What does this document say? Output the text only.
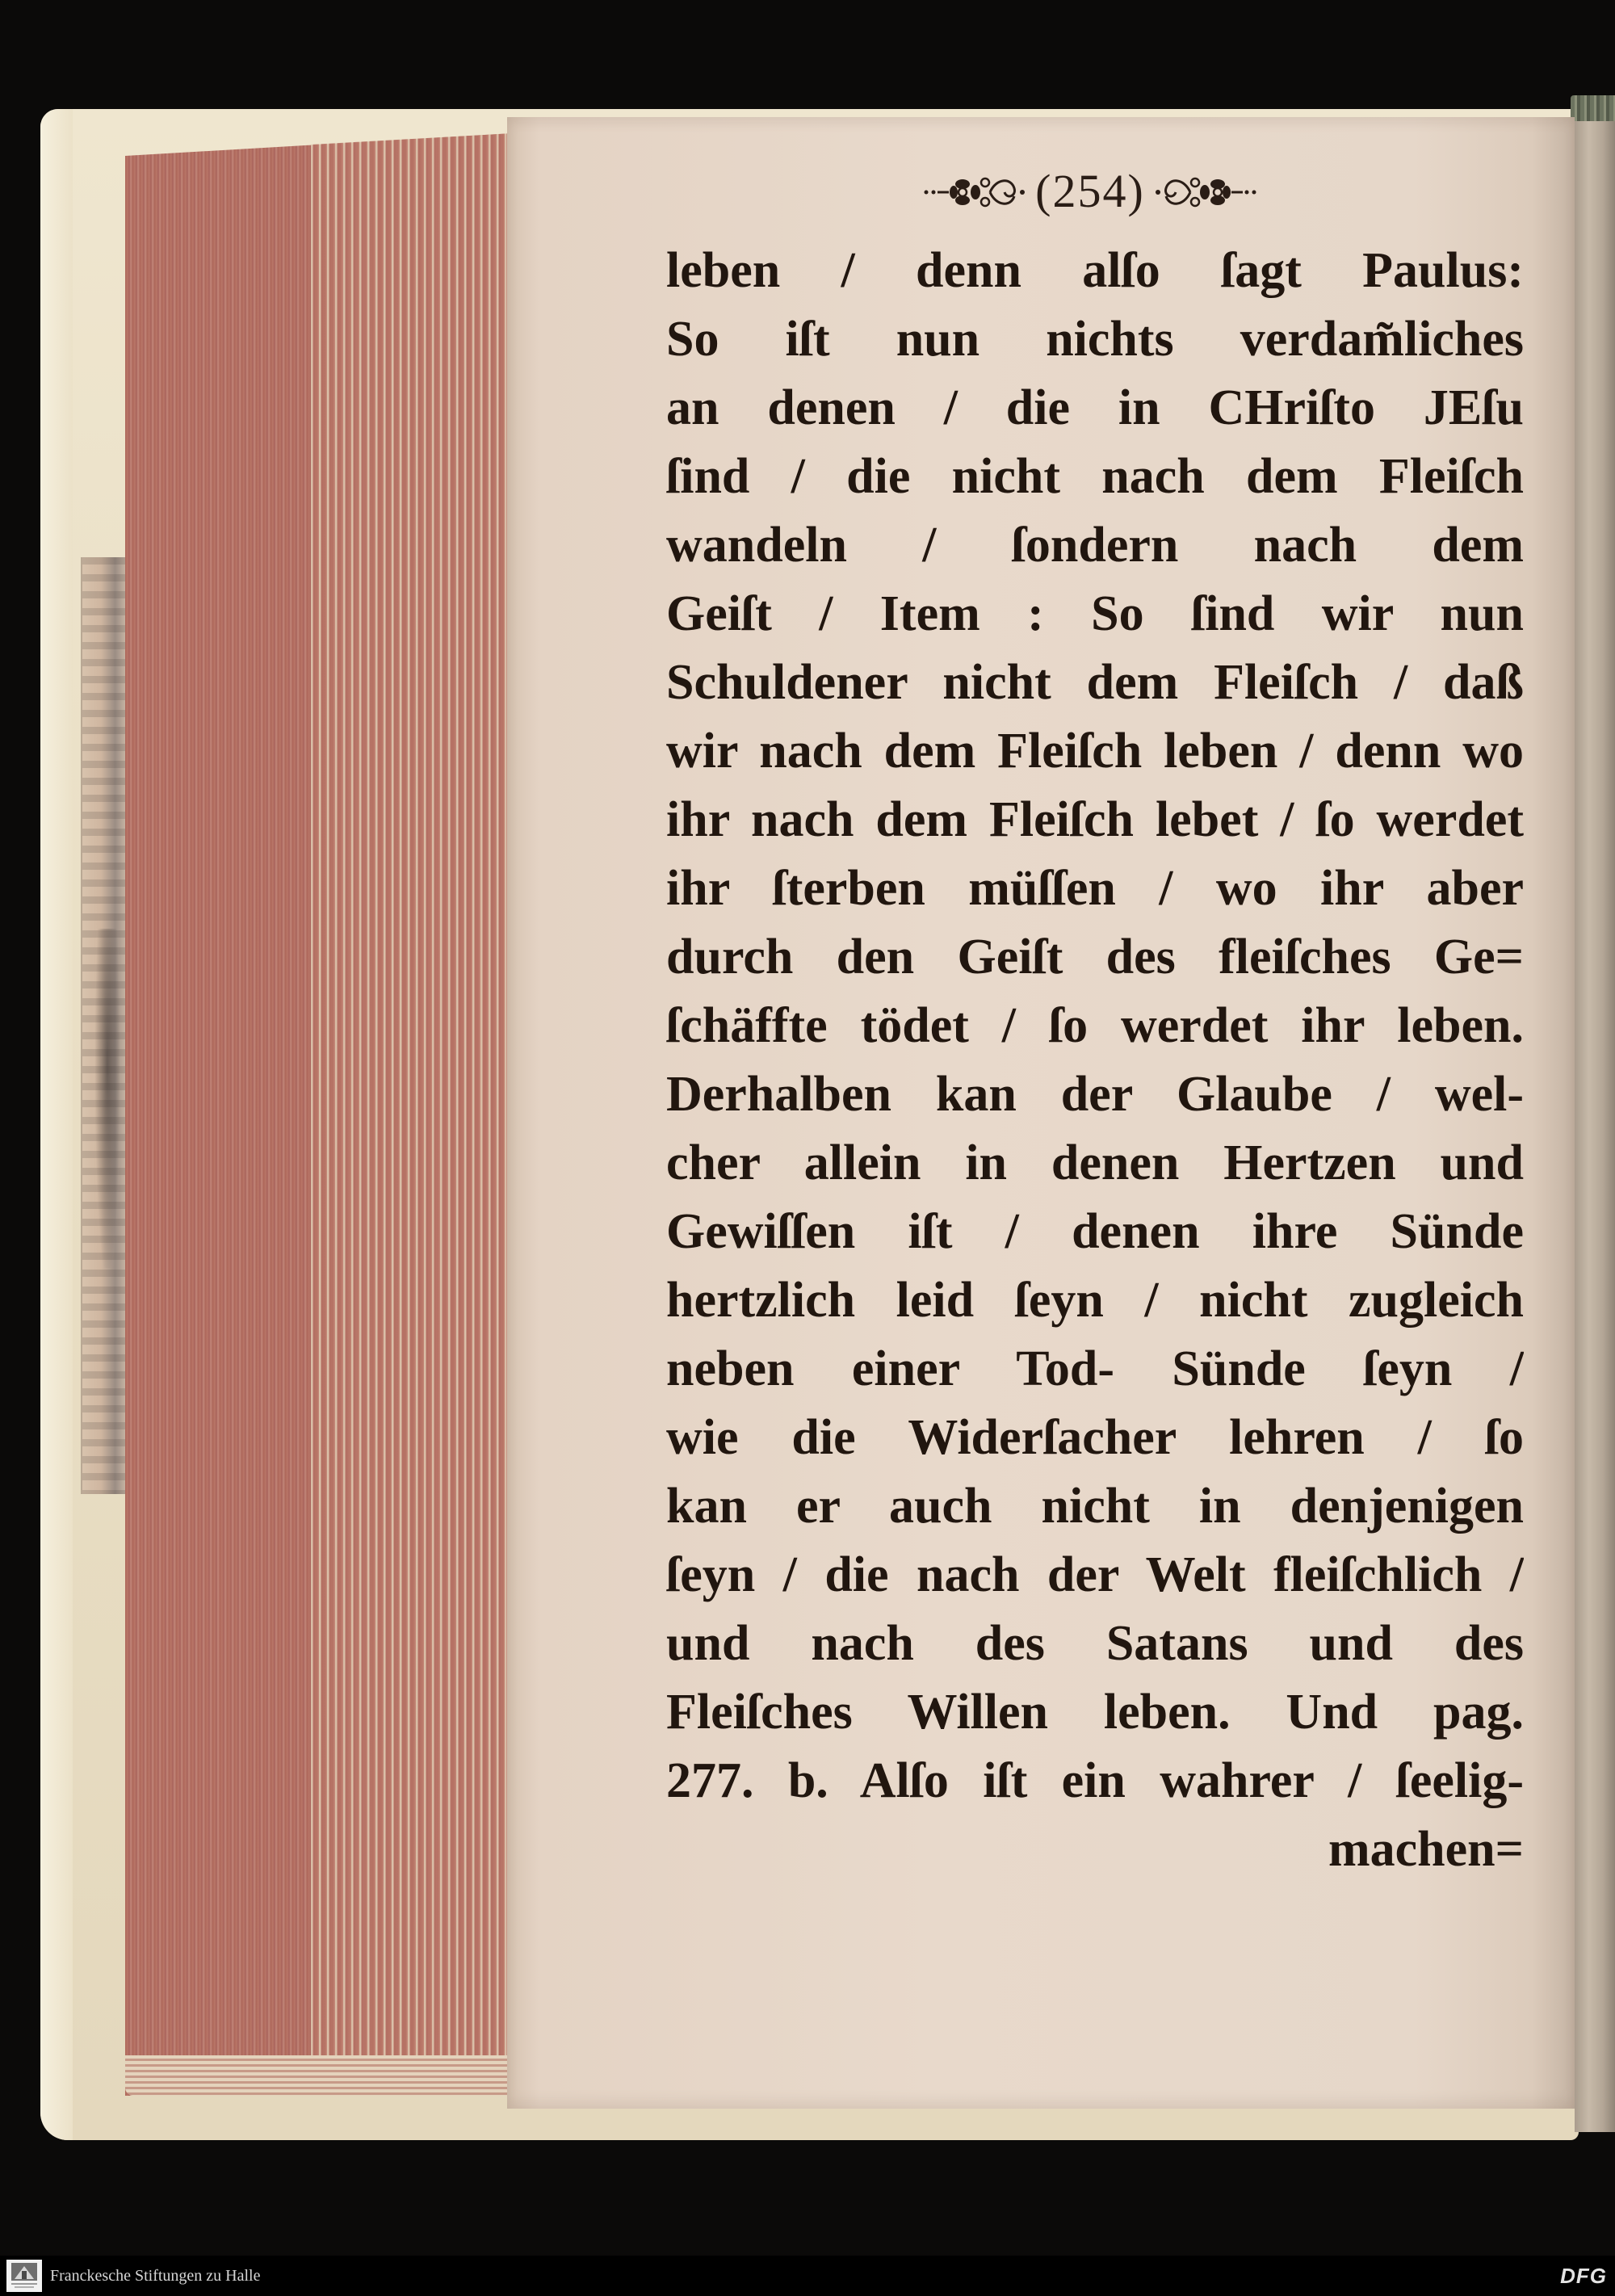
(254)
leben / denn alſo ſagt Paulus:
So iſt nun nichts verdam̃liches
an denen / die in CHriſto JEſu
ſind / die nicht nach dem Fleiſch
wandeln / ſondern nach dem
Geiſt / Item : So ſind wir nun
Schuldener nicht dem Fleiſch / daß
wir nach dem Fleiſch leben / denn wo
ihr nach dem Fleiſch lebet / ſo werdet
ihr ſterben müſſen / wo ihr aber
durch den Geiſt des fleiſches Ge=
ſchäffte tödet / ſo werdet ihr leben.
Derhalben kan der Glaube / wel-
cher allein in denen Hertzen und
Gewiſſen iſt / denen ihre Sünde
hertzlich leid ſeyn / nicht zugleich
neben einer Tod- Sünde ſeyn /
wie die Widerſacher lehren / ſo
kan er auch nicht in denjenigen
ſeyn / die nach der Welt fleiſchlich /
und nach des Satans und des
Fleiſches Willen leben. Und pag.
277. b. Alſo iſt ein wahrer / ſeelig-
machen=
Franckesche Stiftungen zu Halle	DFG
